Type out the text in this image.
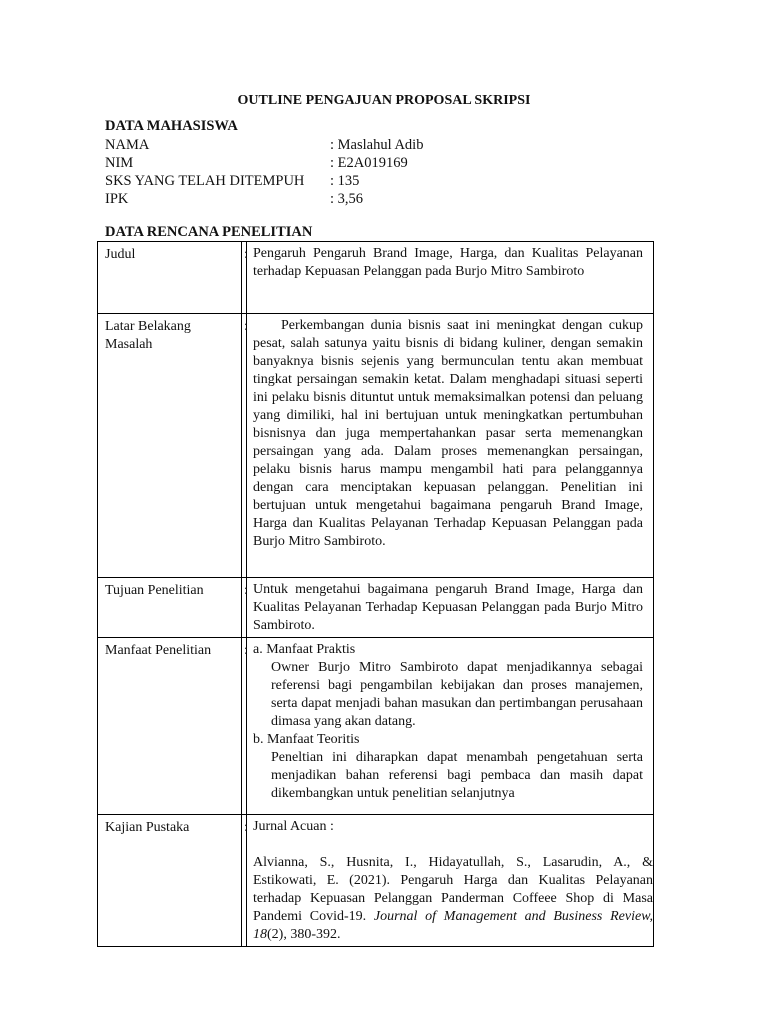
OUTLINE PENGAJUAN PROPOSAL SKRIPSI
DATA MAHASISWA
NAMA	: Maslahul Adib
NIM	: E2A019169
SKS YANG TELAH DITEMPUH	: 135
IPK	: 3,56
DATA RENCANA PENELITIAN
Judul	:	Pengaruh Pengaruh Brand Image, Harga, dan Kualitas Pelayanan terhadap Kepuasan Pelanggan pada Burjo Mitro Sambiroto
Latar Belakang Masalah	:	Perkembangan dunia bisnis saat ini meningkat dengan cukup pesat, salah satunya yaitu bisnis di bidang kuliner, dengan semakin banyaknya bisnis sejenis yang bermunculan tentu akan membuat tingkat persaingan semakin ketat. Dalam menghadapi situasi seperti ini pelaku bisnis dituntut untuk memaksimalkan potensi dan peluang yang dimiliki, hal ini bertujuan untuk meningkatkan pertumbuhan bisnisnya dan juga mempertahankan pasar serta memenangkan persaingan yang ada. Dalam proses memenangkan persaingan, pelaku bisnis harus mampu mengambil hati para pelanggannya dengan cara menciptakan kepuasan pelanggan. Penelitian ini bertujuan untuk mengetahui bagaimana pengaruh Brand Image, Harga dan Kualitas Pelayanan Terhadap Kepuasan Pelanggan pada Burjo Mitro Sambiroto.

Tujuan Penelitian	:	Untuk mengetahui bagaimana pengaruh Brand Image, Harga dan Kualitas Pelayanan Terhadap Kepuasan Pelanggan pada Burjo Mitro Sambiroto.
Manfaat Penelitian	:	a. Manfaat Praktis
Owner Burjo Mitro Sambiroto dapat menjadikannya sebagai referensi bagi pengambilan kebijakan dan proses manajemen, serta dapat menjadi bahan masukan dan pertimbangan perusahaan dimasa yang akan datang.
b. Manfaat Teoritis
Peneltian ini diharapkan dapat menambah pengetahuan serta menjadikan bahan referensi bagi pembaca dan masih dapat dikembangkan untuk penelitian selanjutnya

Kajian Pustaka	:	Jurnal Acuan :
Alvianna, S., Husnita, I., Hidayatullah, S., Lasarudin, A., & Estikowati, E. (2021). Pengaruh Harga dan Kualitas Pelayanan terhadap Kepuasan Pelanggan Panderman Coffeee Shop di Masa Pandemi Covid-19. Journal of Management and Business Review, 18(2), 380-392.
